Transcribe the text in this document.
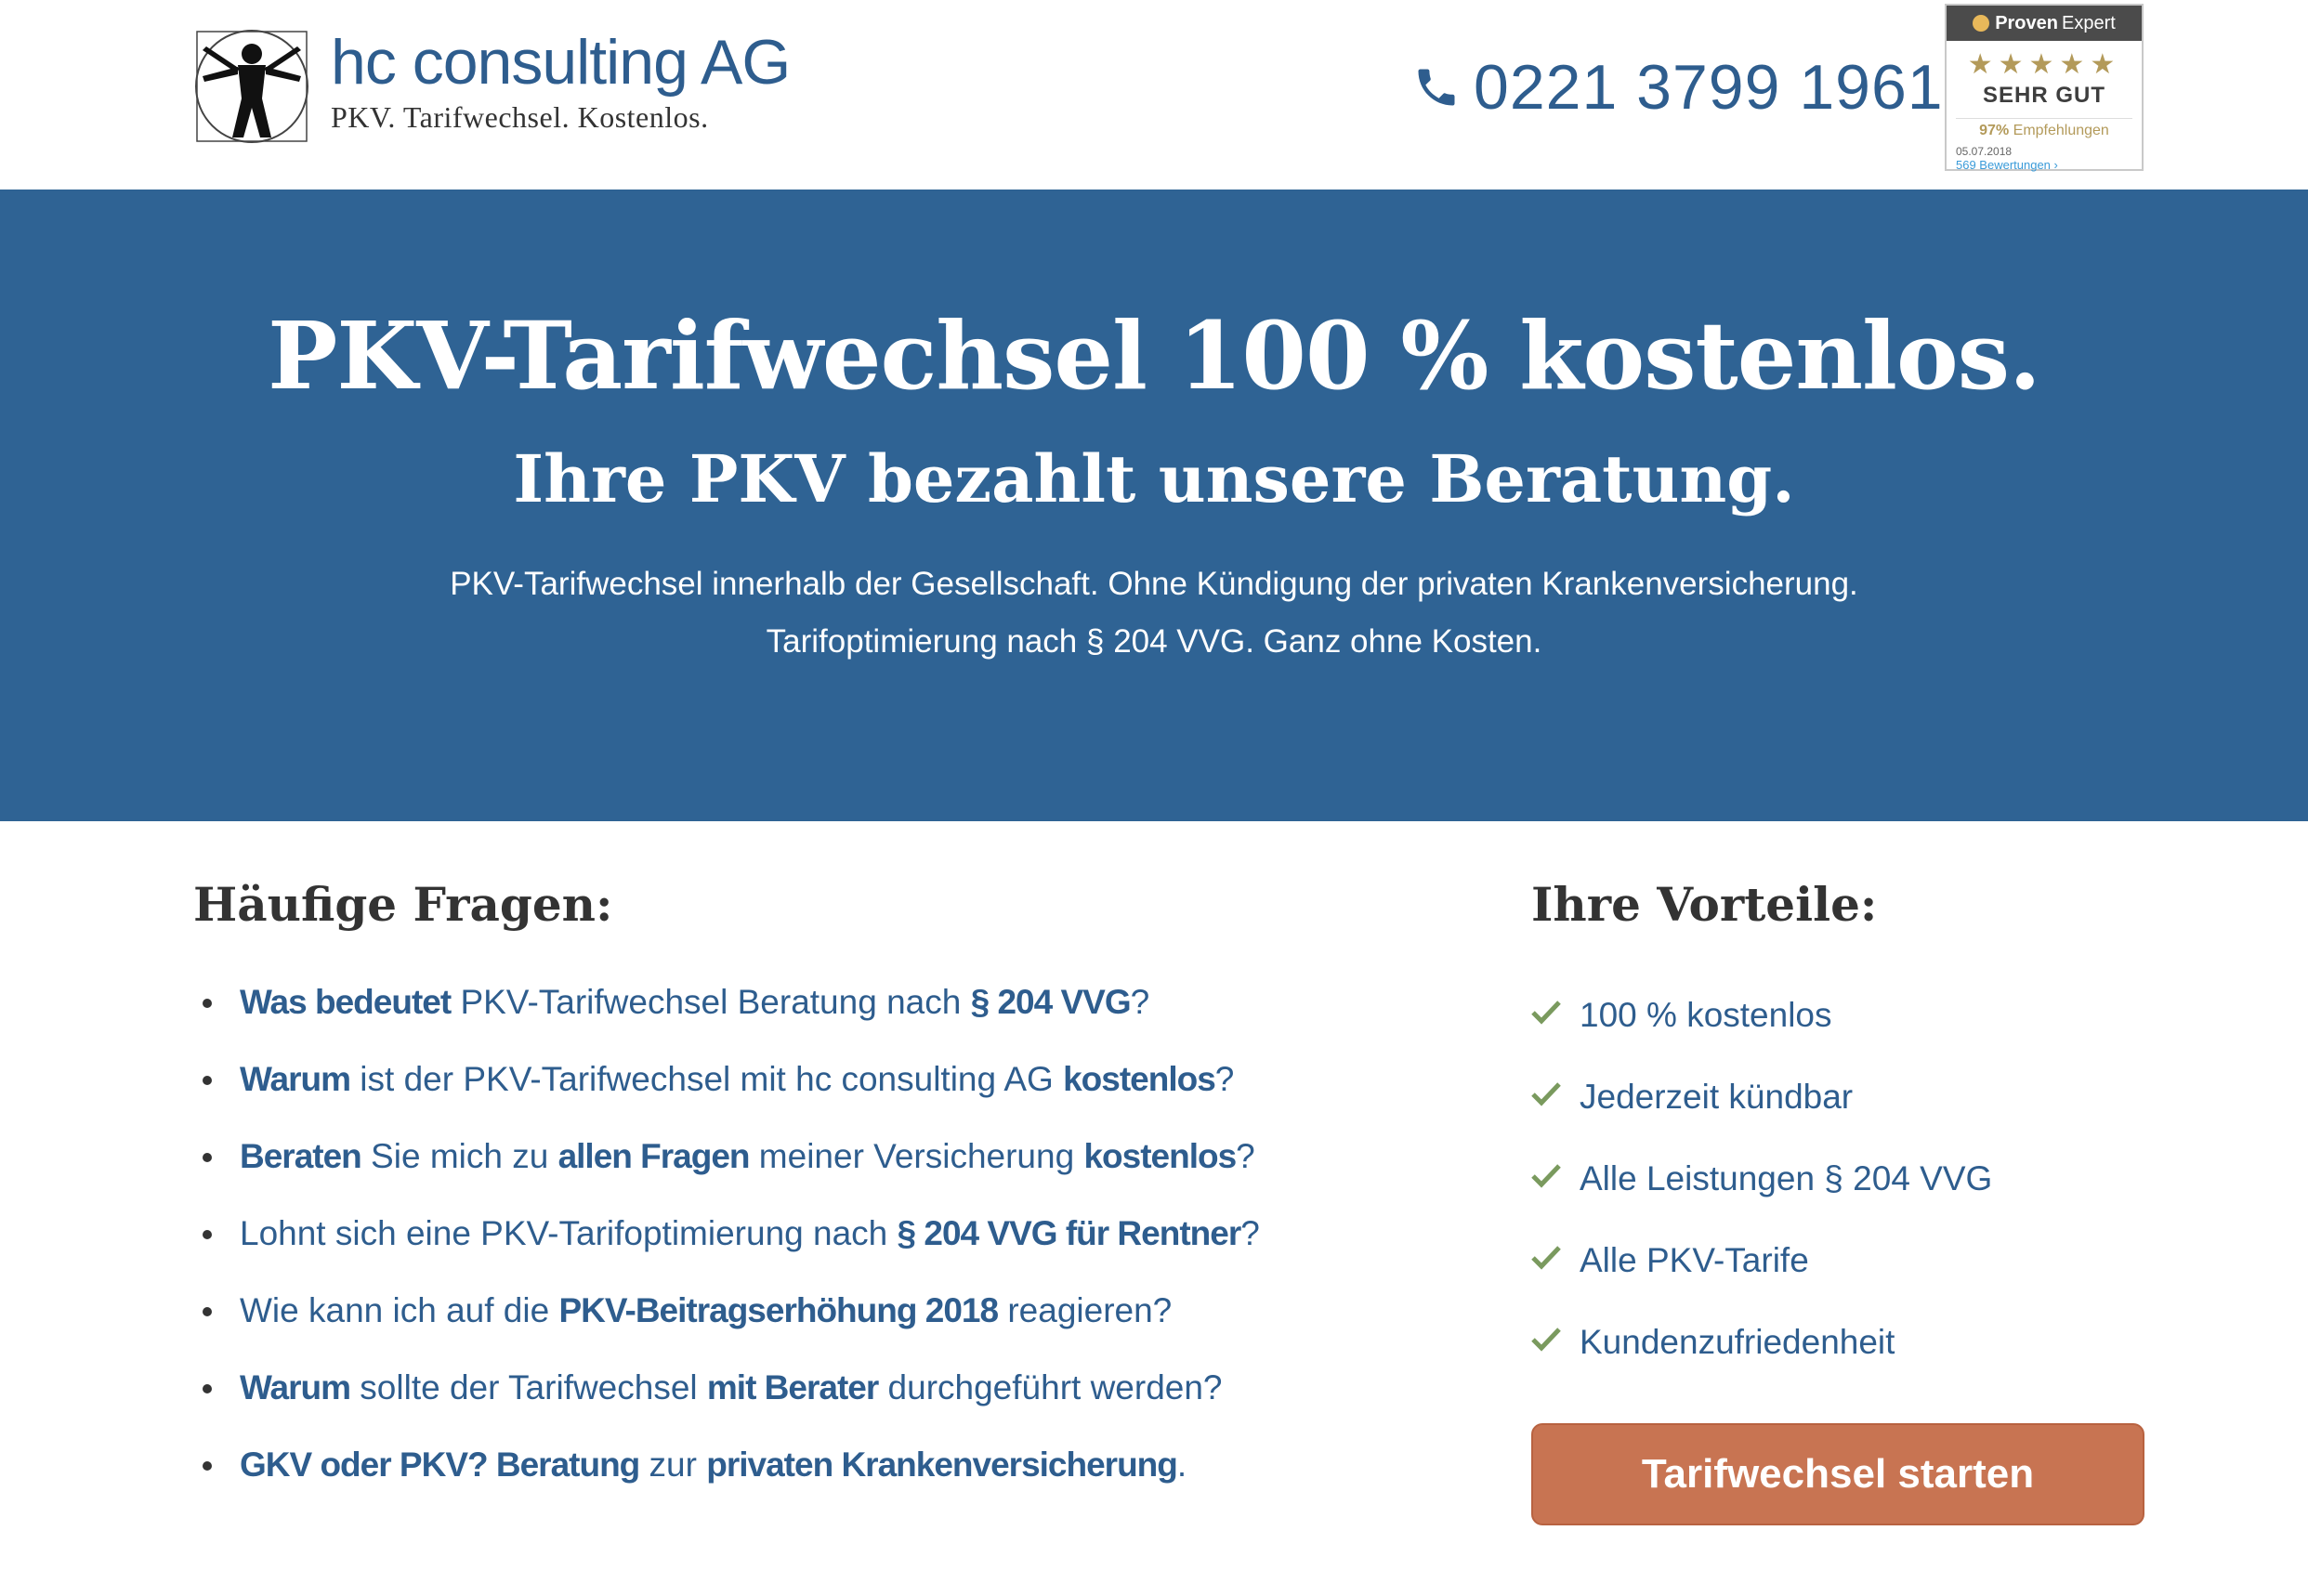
hc consulting AG
PKV. Tarifwechsel. Kostenlos.	0221 3799 1961
Proven Expert
★★★★★
SEHR GUT
97% Empfehlungen
05.07.2018
569 Bewertungen ›
PKV-Tarifwechsel 100 % kostenlos.
Ihre PKV bezahlt unsere Beratung.
PKV-Tarifwechsel innerhalb der Gesellschaft. Ohne Kündigung der privaten Krankenversicherung.
Tarifoptimierung nach § 204 VVG. Ganz ohne Kosten.
Häufige Fragen:
Was bedeutet PKV-Tarifwechsel Beratung nach § 204 VVG?
Warum ist der PKV-Tarifwechsel mit hc consulting AG kostenlos?
Beraten Sie mich zu allen Fragen meiner Versicherung kostenlos?
Lohnt sich eine PKV-Tarifoptimierung nach § 204 VVG für Rentner?
Wie kann ich auf die PKV-Beitragserhöhung 2018 reagieren?
Warum sollte der Tarifwechsel mit Berater durchgeführt werden?
GKV oder PKV? Beratung zur privaten Krankenversicherung.
Ihre Vorteile:
100 % kostenlos
Jederzeit kündbar
Alle Leistungen § 204 VVG
Alle PKV-Tarife
Kundenzufriedenheit
Tarifwechsel starten
